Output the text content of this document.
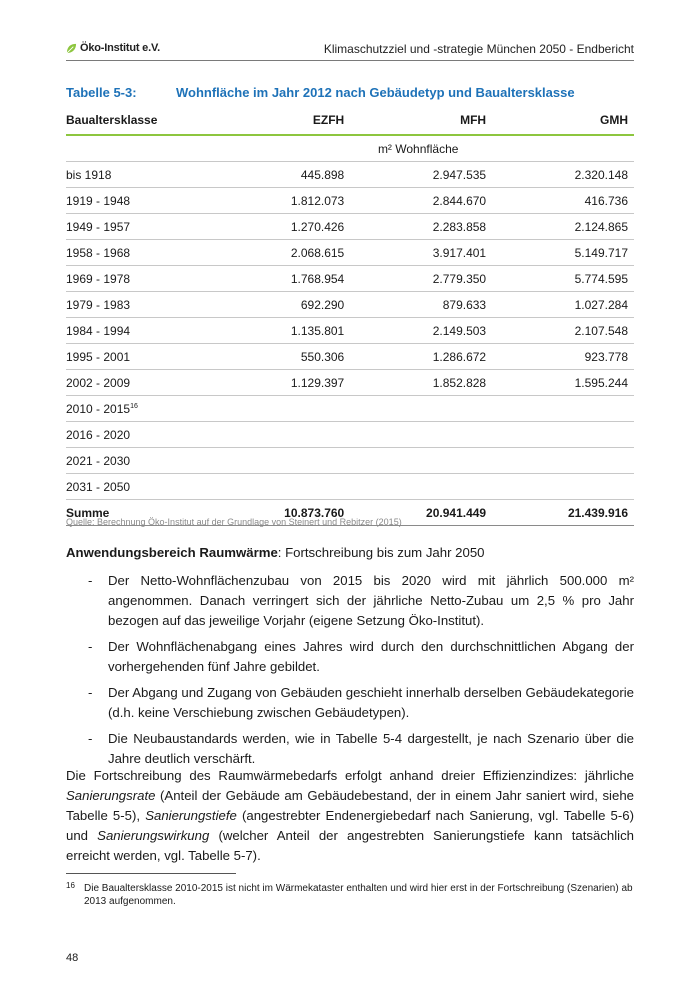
Öko-Institut e.V.	Klimaschutzziel und -strategie München 2050 - Endbericht
Tabelle 5-3:	Wohnfläche im Jahr 2012 nach Gebäudetyp und Baualtersklasse
Baualtersklasse	EZFH	MFH	GMH
	m² Wohnfläche		
bis 1918	445.898	2.947.535	2.320.148
1919 - 1948	1.812.073	2.844.670	416.736
1949 - 1957	1.270.426	2.283.858	2.124.865
1958 - 1968	2.068.615	3.917.401	5.149.717
1969 - 1978	1.768.954	2.779.350	5.774.595
1979 - 1983	692.290	879.633	1.027.284
1984 - 1994	1.135.801	2.149.503	2.107.548
1995 - 2001	550.306	1.286.672	923.778
2002 - 2009	1.129.397	1.852.828	1.595.244
2010 - 2015$^{16}$			
2016 - 2020			
2021 - 2030			
2031 - 2050			
Summe	10.873.760	20.941.449	21.439.916
Quelle: Berechnung Öko-Institut auf der Grundlage von Steinert und Rebitzer (2015)
Anwendungsbereich Raumwärme: Fortschreibung bis zum Jahr 2050
- Der Netto-Wohnflächenzubau von 2015 bis 2020 wird mit jährlich 500.000 m² angenommen. Danach verringert sich der jährliche Netto-Zubau um 2,5 % pro Jahr bezogen auf das jeweilige Vorjahr (eigene Setzung Öko-Institut).
- Der Wohnflächenabgang eines Jahres wird durch den durchschnittlichen Abgang der vorhergehenden fünf Jahre gebildet.
- Der Abgang und Zugang von Gebäuden geschieht innerhalb derselben Gebäudekategorie (d.h. keine Verschiebung zwischen Gebäudetypen).
- Die Neubaustandards werden, wie in Tabelle 5-4 dargestellt, je nach Szenario über die Jahre deutlich verschärft.
Die Fortschreibung des Raumwärmebedarfs erfolgt anhand dreier Effizienzindizes: jährliche Sanierungsrate (Anteil der Gebäude am Gebäudebestand, der in einem Jahr saniert wird, siehe Tabelle 5-5), Sanierungstiefe (angestrebter Endenergiebedarf nach Sanierung, vgl. Tabelle 5-6) und Sanierungswirkung (welcher Anteil der angestrebten Sanierungstiefe kann tatsächlich erreicht werden, vgl. Tabelle 5-7).
16 Die Baualtersklasse 2010-2015 ist nicht im Wärmekataster enthalten und wird hier erst in der Fortschreibung (Szenarien) ab 2013 aufgenommen.
48
